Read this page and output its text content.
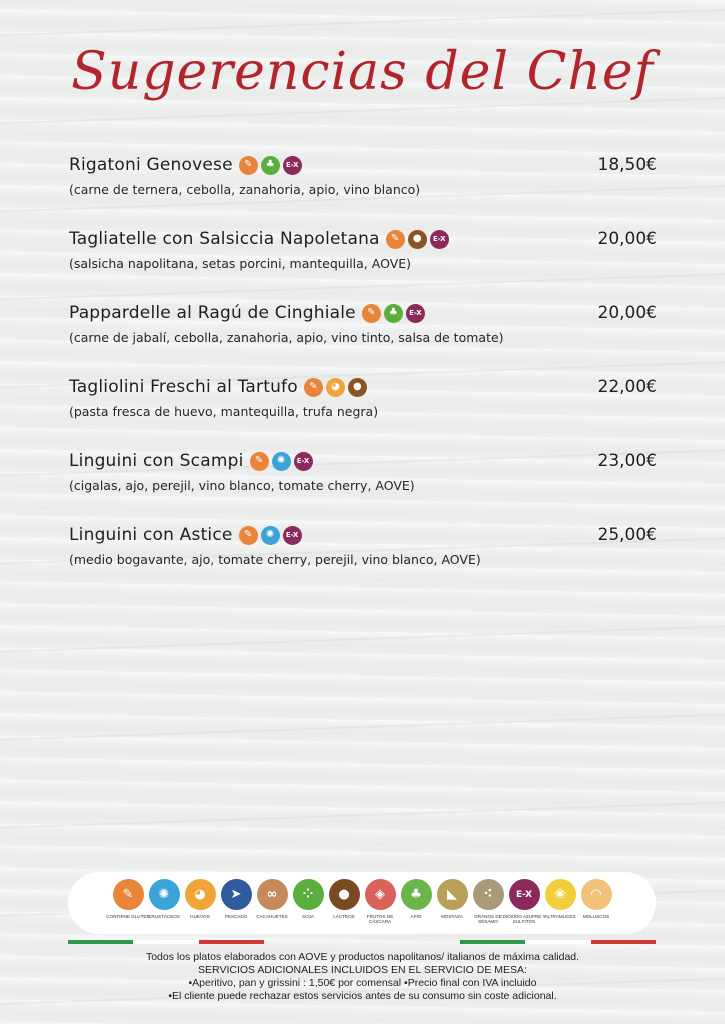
Sugerencias del Chef
Rigatoni Genovese	✎	♣	E-X	18,50€
(carne de ternera, cebolla, zanahoria, apio, vino blanco)
Tagliatelle con Salsiccia Napoletana	✎	●	E-X	20,00€
(salsicha napolitana, setas porcini, mantequilla, AOVE)
Pappardelle al Ragú de Cinghiale	✎	♣	E-X	20,00€
(carne de jabalí, cebolla, zanahoria, apio, vino tinto, salsa de tomate)
Tagliolini Freschi al Tartufo	✎	◕	●	22,00€
(pasta fresca de huevo, mantequilla, trufa negra)
Linguini con Scampi	✎	✺	E-X	23,00€
(cigalas, ajo, perejil, vino blanco, tomate cherry, AOVE)
Linguini con Astice	✎	✺	E-X	25,00€
(medio bogavante, ajo, tomate cherry, perejil, vino blanco, AOVE)
✎
CONTIENE GLUTEN
✺
CRUSTÁCEOS
◕
HUEVOS
➤
PESCADO
∞
CACAHUETES
⁘
SOJA
●
LÁCTEOS
◈
FRUTOS DE CÁSCARA
♣
APIO
◣
MOSTAZA
⁖
GRANOS DE SÉSAMO
E-X
DIÓXIDO AZUFRE Y SULFITOS
❀
ALTRAMUCES
◠
MOLUSCOS
Todos los platos elaborados con AOVE y productos napolitanos/ italianos de máxima calidad.
SERVICIOS ADICIONALES INCLUIDOS EN EL SERVICIO DE MESA:
•Aperitivo, pan y grissini : 1,50€ por comensal •Precio final con IVA incluido
•El cliente puede rechazar estos servicios antes de su consumo sin coste adicional.
